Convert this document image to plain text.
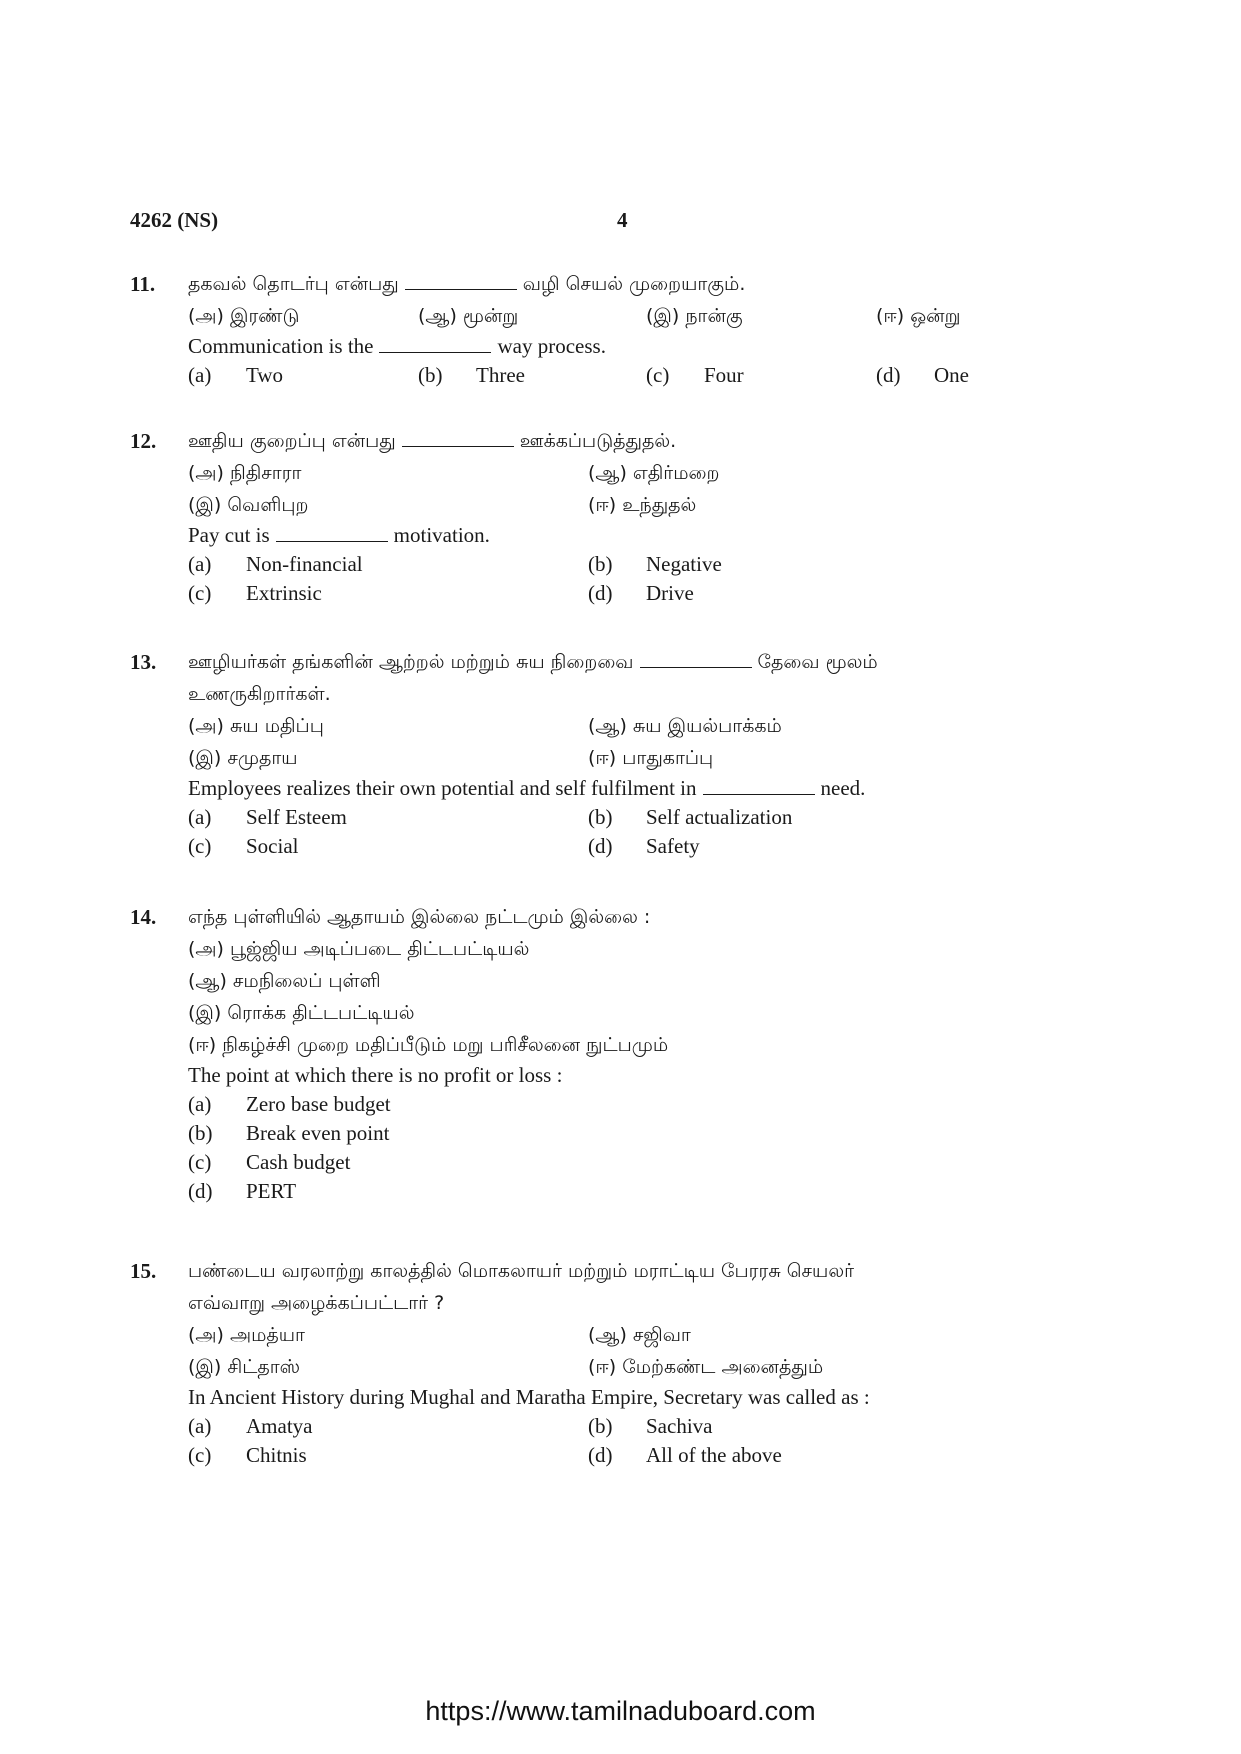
4262 (NS)	4
11. தகவல் தொடர்பு என்பது	வழி செயல் முறையாகும்.
(அ) இரண்டு	(ஆ) மூன்று	(இ) நான்கு	(ஈ) ஒன்று
Communication is the	way process.
(a) Two	(b) Three	(c) Four	(d) One
12. ஊதிய குறைப்பு என்பது	ஊக்கப்படுத்துதல்.
(அ) நிதிசாரா	(ஆ) எதிர்மறை
(இ) வெளிபுற	(ஈ) உந்துதல்
Pay cut is	motivation.
(a) Non-financial	(b) Negative
(c) Extrinsic	(d) Drive
13. ஊழியர்கள் தங்களின் ஆற்றல் மற்றும் சுய நிறைவை	தேவை மூலம்
உணருகிறார்கள்.
(அ) சுய மதிப்பு	(ஆ) சுய இயல்பாக்கம்
(இ) சமுதாய	(ஈ) பாதுகாப்பு
Employees realizes their own potential and self fulfilment in	need.
(a) Self Esteem	(b) Self actualization
(c) Social	(d) Safety
14. எந்த புள்ளியில் ஆதாயம் இல்லை நட்டமும் இல்லை :
(அ) பூஜ்ஜிய அடிப்படை திட்டபட்டியல்
(ஆ) சமநிலைப் புள்ளி
(இ) ரொக்க திட்டபட்டியல்
(ஈ) நிகழ்ச்சி முறை மதிப்பீடும் மறு பரிசீலனை நுட்பமும்
The point at which there is no profit or loss :
(a) Zero base budget
(b) Break even point
(c) Cash budget
(d) PERT
15. பண்டைய வரலாற்று காலத்தில் மொகலாயர் மற்றும் மராட்டிய பேரரசு செயலர்
எவ்வாறு அழைக்கப்பட்டார் ?
(அ) அமத்யா	(ஆ) சஜிவா
(இ) சிட்தாஸ்	(ஈ) மேற்கண்ட அனைத்தும்
In Ancient History during Mughal and Maratha Empire, Secretary was called as :
(a) Amatya	(b) Sachiva
(c) Chitnis	(d) All of the above
https://www.tamilnaduboard.com
